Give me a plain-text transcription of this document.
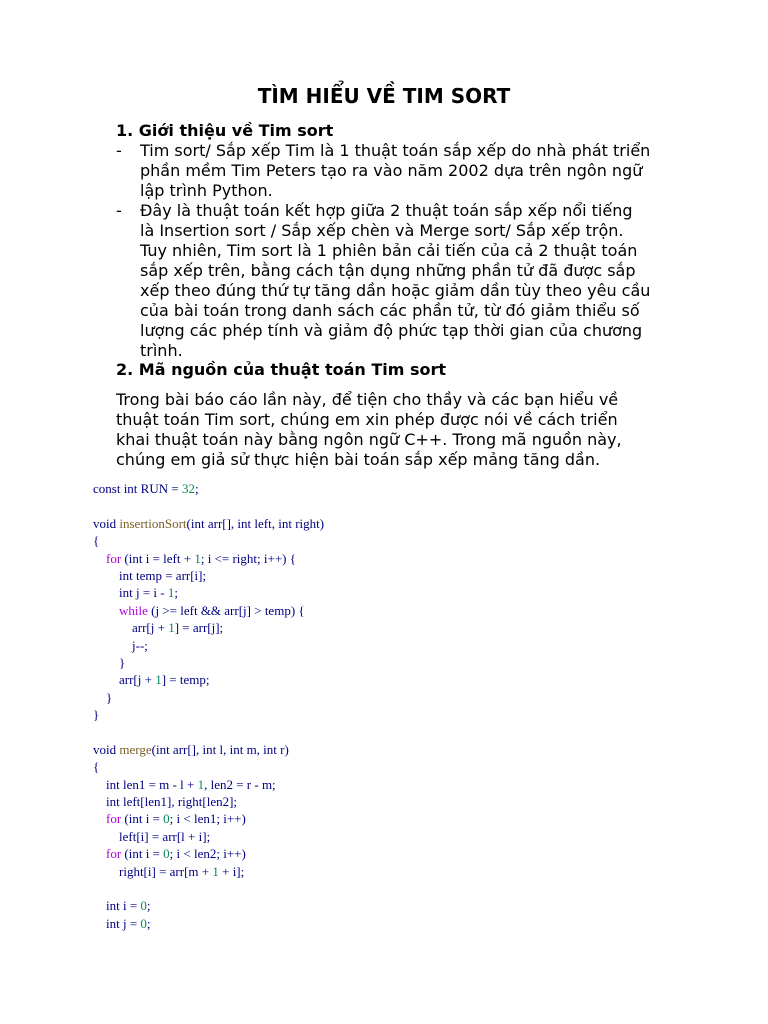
TÌM HIỂU VỀ TIM SORT
1. Giới thiệu về Tim sort
- Tim sort/ Sắp xếp Tim là 1 thuật toán sắp xếp do nhà phát triển
phần mềm Tim Peters tạo ra vào năm 2002 dựa trên ngôn ngữ
lập trình Python.
- Đây là thuật toán kết hợp giữa 2 thuật toán sắp xếp nổi tiếng
là Insertion sort / Sắp xếp chèn và Merge sort/ Sắp xếp trộn.
Tuy nhiên, Tim sort là 1 phiên bản cải tiến của cả 2 thuật toán
sắp xếp trên, bằng cách tận dụng những phần tử đã được sắp
xếp theo đúng thứ tự tăng dần hoặc giảm dần tùy theo yêu cầu
của bài toán trong danh sách các phần tử, từ đó giảm thiểu số
lượng các phép tính và giảm độ phức tạp thời gian của chương
trình.
2. Mã nguồn của thuật toán Tim sort
Trong bài báo cáo lần này, để tiện cho thầy và các bạn hiểu về
thuật toán Tim sort, chúng em xin phép được nói về cách triển
khai thuật toán này bằng ngôn ngữ C++. Trong mã nguồn này,
chúng em giả sử thực hiện bài toán sắp xếp mảng tăng dần.
const int RUN = 32;

void insertionSort(int arr[], int left, int right)
{
for (int i = left + 1; i <= right; i++) {
int temp = arr[i];
int j = i - 1;
while (j >= left && arr[j] > temp) {
arr[j + 1] = arr[j];
j--;
}
arr[j + 1] = temp;
}
}

void merge(int arr[], int l, int m, int r)
{
int len1 = m - l + 1, len2 = r - m;
int left[len1], right[len2];
for (int i = 0; i < len1; i++)
left[i] = arr[l + i];
for (int i = 0; i < len2; i++)
right[i] = arr[m + 1 + i];

int i = 0;
int j = 0;
